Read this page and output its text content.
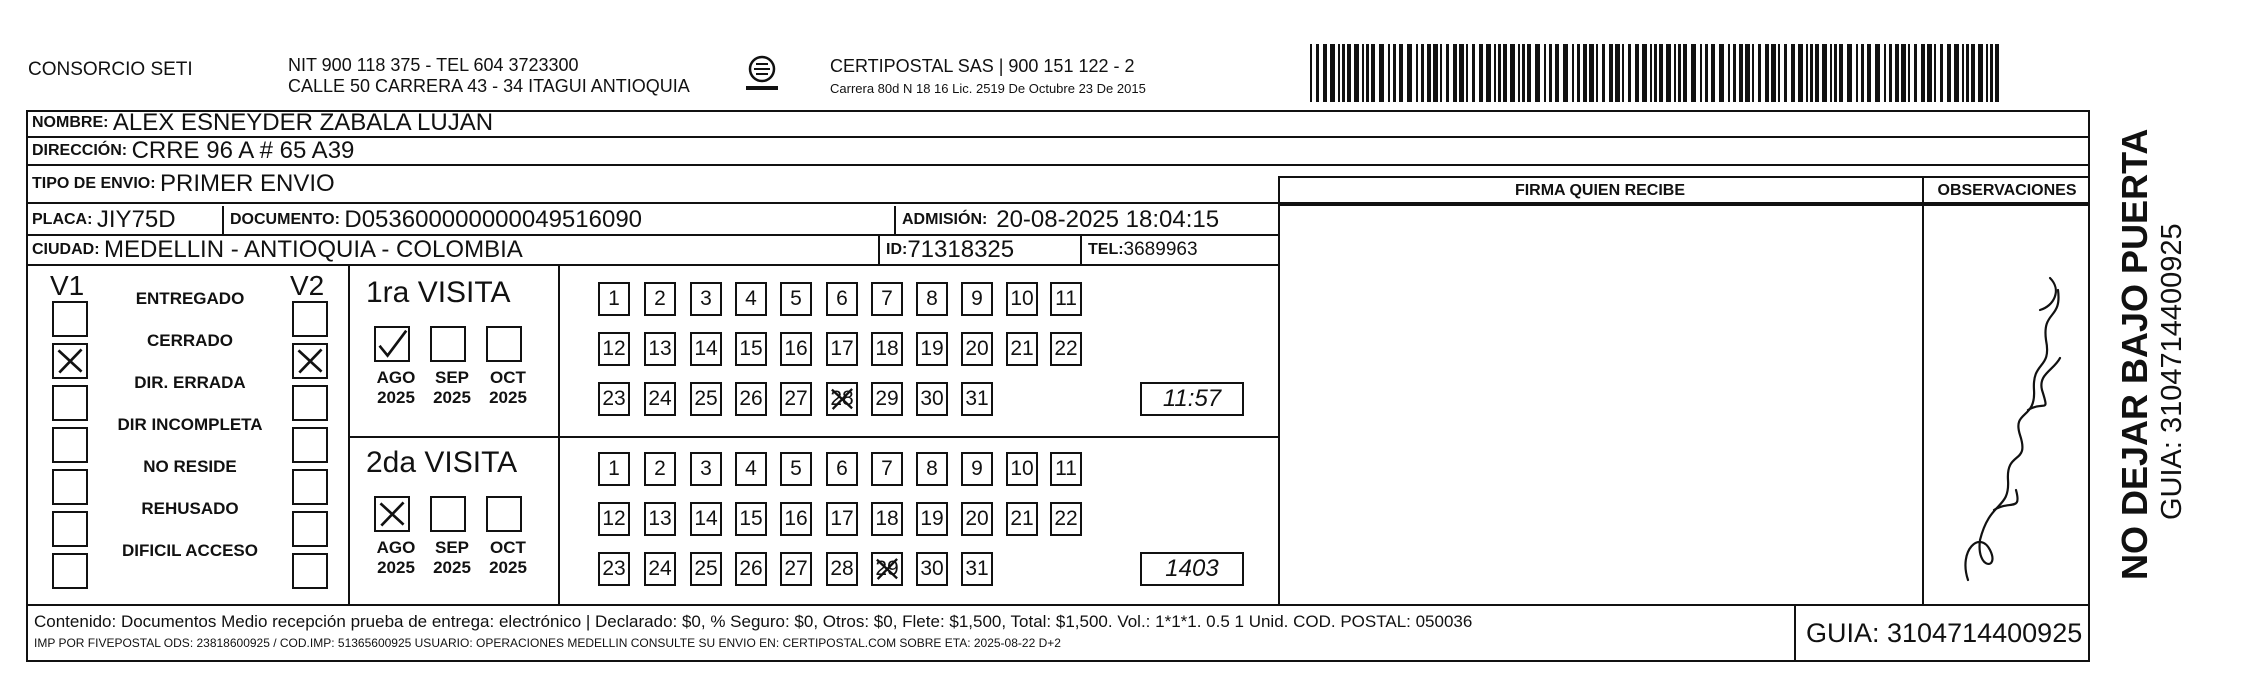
CONSORCIO SETI	NIT 900 118 375 - TEL 604 3723300
CALLE 50 CARRERA 43 - 34 ITAGUI ANTIOQUIA
CERTIPOSTAL SAS | 900 151 122 - 2
Carrera 80d N 18 16 Lic. 2519 De Octubre 23 De 2015
NOMBRE:
ALEX ESNEYDER ZABALA LUJAN
DIRECCIÓN:
CRRE 96 A # 65 A39
TIPO DE ENVIO:
PRIMER ENVIO	FIRMA QUIEN RECIBE	OBSERVACIONES
PLACA:
JIY75D	DOCUMENTO:
D053600000000049516090	ADMISIÓN:
20-08-2025 18:04:15
CIUDAD:
MEDELLIN - ANTIOQUIA - COLOMBIA	ID: 71318325	TEL: 3689963
V1	V2
ENTREGADO
CERRADO
DIR. ERRADA
DIR INCOMPLETA
NO RESIDE
REHUSADO
DIFICIL ACCESO
1ra VISITA
AGO
2025
SEP
2025
OCT
2025
1 2 3 4 5 6 7 8 9 10 11
12 13 14 15 16 17 18 19 20 21 22
23 24 25 26 27 28 29 30 31	11:57
2da VISITA
AGO
2025
SEP
2025
OCT
2025
1 2 3 4 5 6 7 8 9 10 11
12 13 14 15 16 17 18 19 20 21 22
23 24 25 26 27 28 29 30 31	1403
Contenido: Documentos Medio recepción prueba de entrega: electrónico | Declarado: $0, % Seguro: $0, Otros: $0, Flete: $1,500, Total: $1,500. Vol.: 1*1*1. 0.5 1 Unid. COD. POSTAL: 050036
IMP POR FIVEPOSTAL ODS: 23818600925 / COD.IMP: 51365600925 USUARIO: OPERACIONES MEDELLIN CONSULTE SU ENVIO EN: CERTIPOSTAL.COM SOBRE ETA: 2025-08-22 D+2	GUIA: 3104714400925
NO DEJAR BAJO PUERTA GUIA: 3104714400925
